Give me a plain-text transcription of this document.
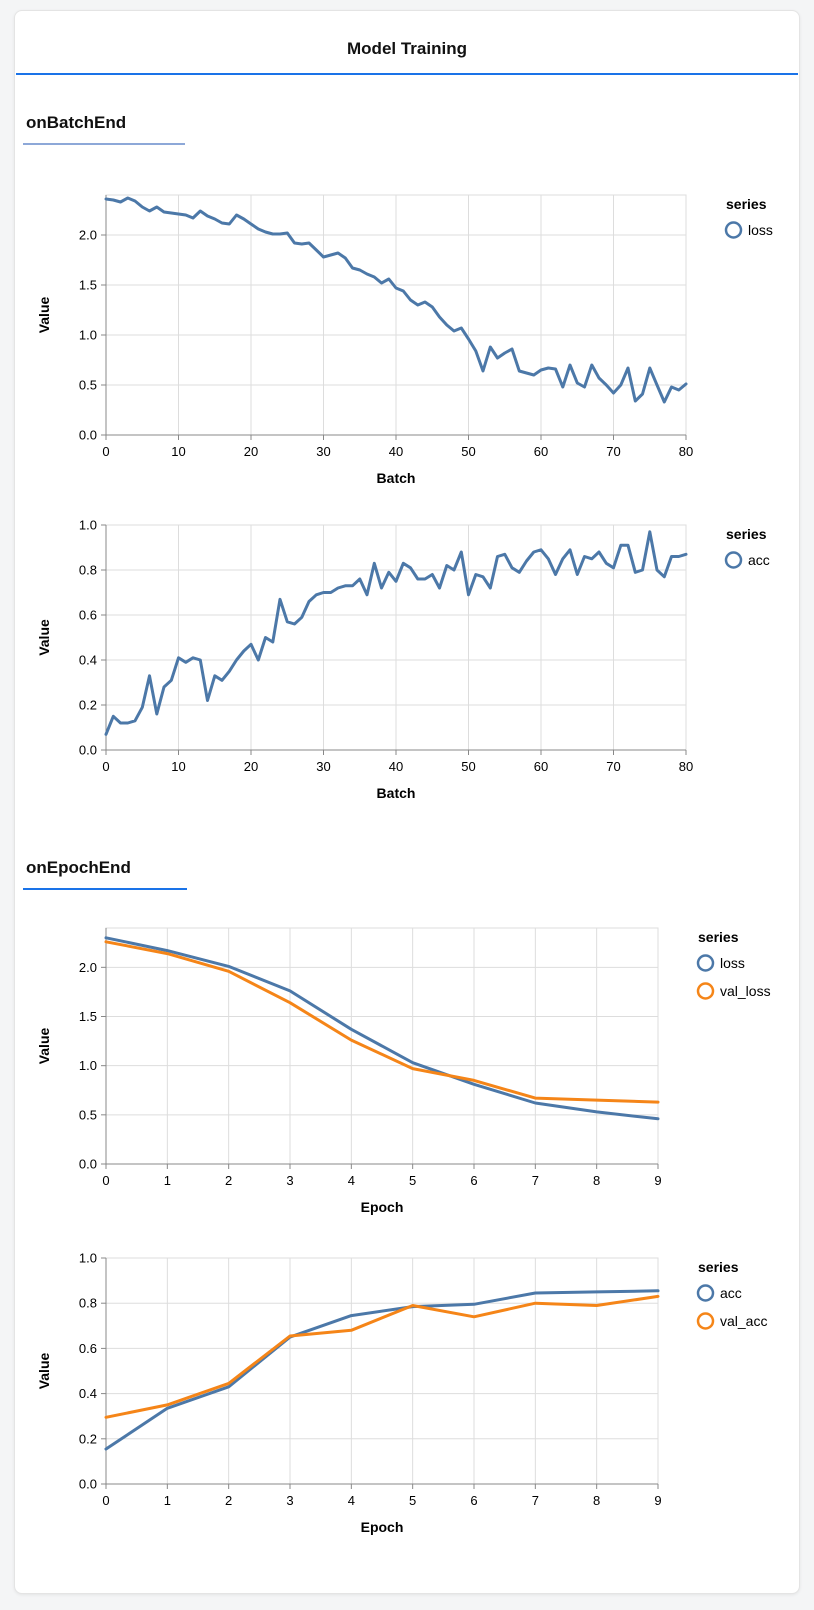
Model Training
onBatchEnd
0	10	20	30	40	50	60	70	80
Batch
0.0
0.5
1.0
1.5
2.0
Value
series
loss
0	10	20	30	40	50	60	70	80
Batch
0.0
0.2
0.4
0.6
0.8
1.0
Value
series
acc
onEpochEnd
0	1	2	3	4	5	6	7	8	9
Epoch
0.0
0.5
1.0
1.5
2.0
Value
series
loss
val_loss
0	1	2	3	4	5	6	7	8	9
Epoch
0.0
0.2
0.4
0.6
0.8
1.0
Value
series
acc
val_acc
